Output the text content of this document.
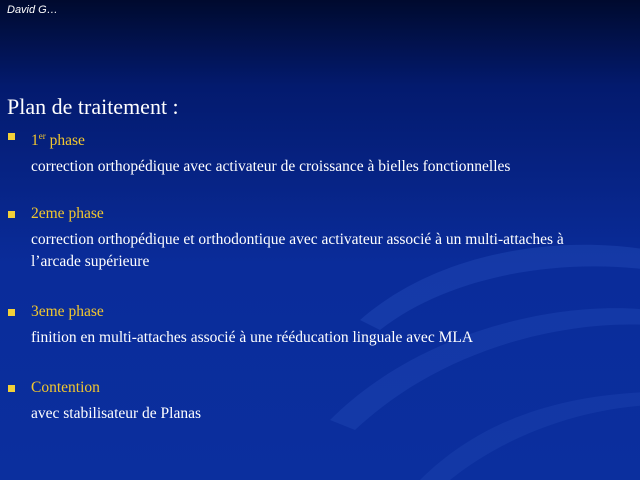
David G…
Plan de traitement :
1er phase
correction orthopédique avec activateur de croissance à bielles fonctionnelles
2eme phase
correction orthopédique et orthodontique avec activateur associé à un multi-attaches à l’arcade supérieure
3eme phase
finition en multi-attaches associé à une rééducation linguale avec MLA
Contention
avec stabilisateur de Planas
